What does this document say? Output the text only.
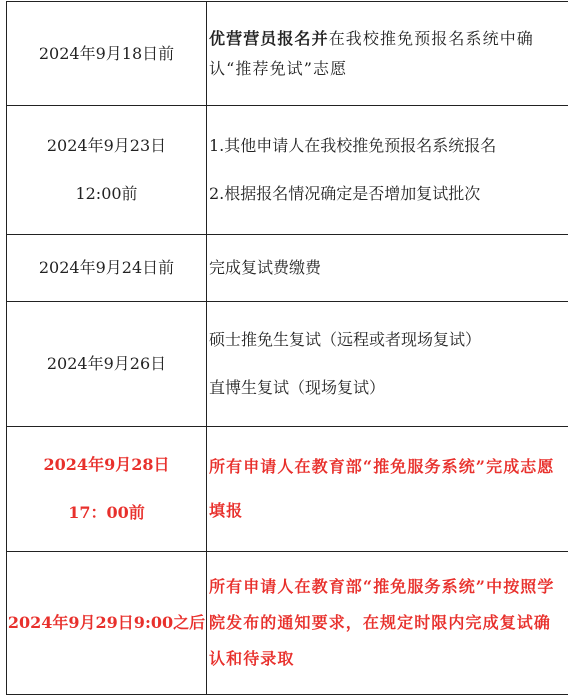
2024年9月18日前	优营营员报名并在我校推免预报名系统中确认“推荐免试”志愿

2024年9月23日
12:00前	1.其他申请人在我校推免预报名系统报名
2.根据报名情况确定是否增加复试批次

2024年9月24日前	完成复试费缴费

2024年9月26日	硕士推免生复试（远程或者现场复试）
直博生复试（现场复试）

2024年9月28日
17：00前	所有申请人在教育部“推免服务系统”完成志愿填报

2024年9月29日9:00之后	所有申请人在教育部“推免服务系统”中按照学院发布的通知要求，在规定时限内完成复试确认和待录取
